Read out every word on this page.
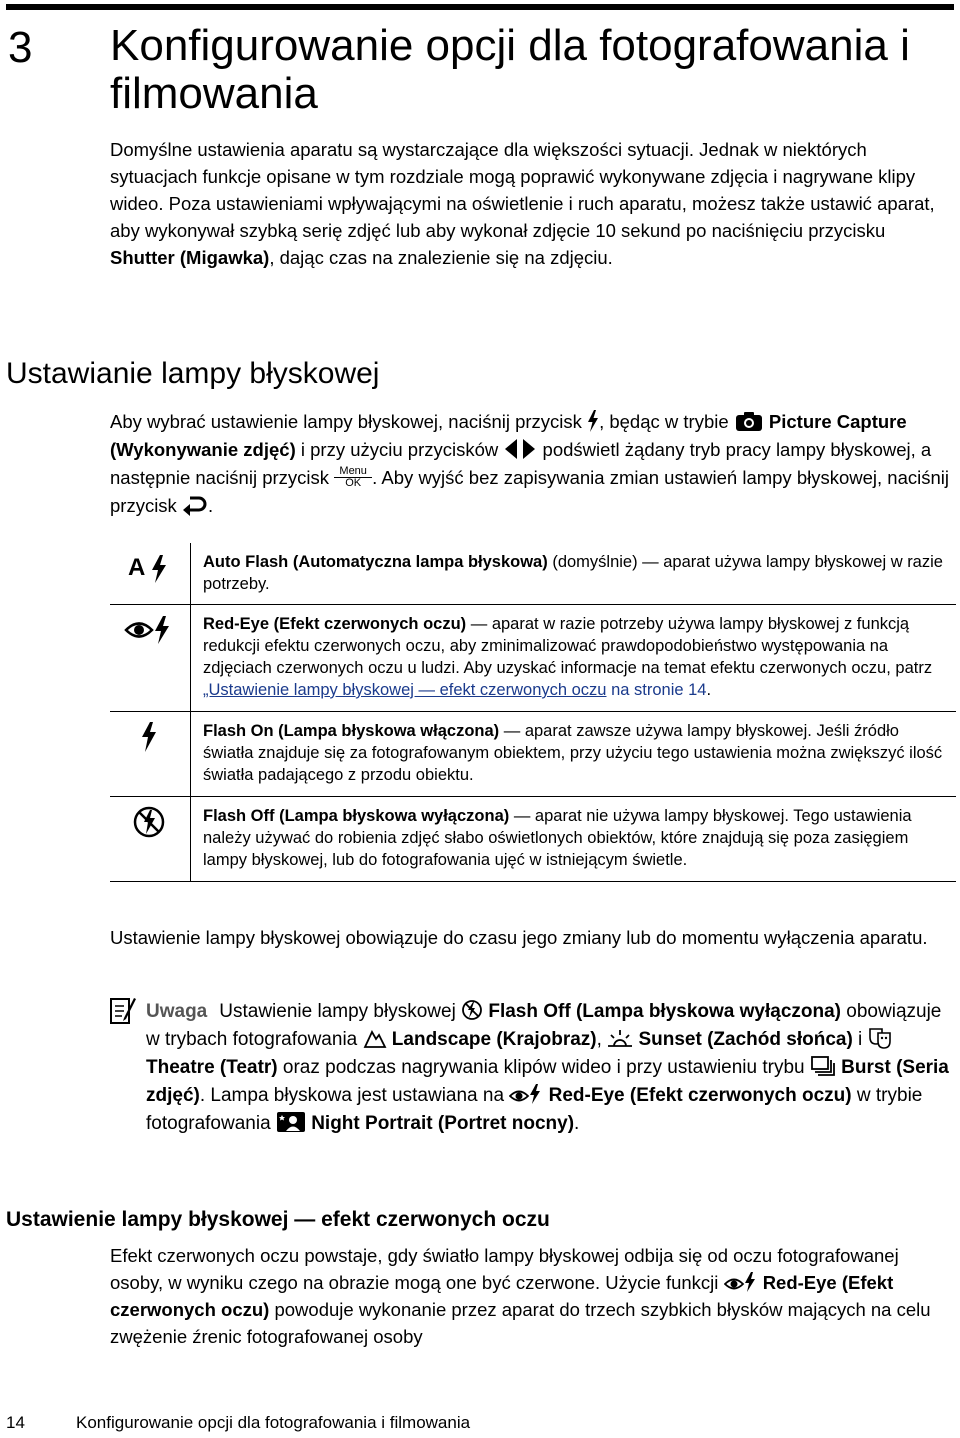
3 Konfigurowanie opcji dla fotografowania i filmowania

Domyślne ustawienia aparatu są wystarczające dla większości sytuacji. Jednak w niektórych sytuacjach funkcje opisane w tym rozdziale mogą poprawić wykonywane zdjęcia i nagrywane klipy wideo. Poza ustawieniami wpływającymi na oświetlenie i ruch aparatu, możesz także ustawić aparat, aby wykonywał szybką serię zdjęć lub aby wykonał zdjęcie 10 sekund po naciśnięciu przycisku Shutter (Migawka), dając czas na znalezienie się na zdjęciu.

Ustawianie lampy błyskowej

Aby wybrać ustawienie lampy błyskowej, naciśnij przycisk , będąc w trybie  Picture Capture (Wykonywanie zdjęć) i przy użyciu przycisków  podświetl żądany tryb pracy lampy błyskowej, a następnie naciśnij przycisk Menu
OK . Aby wyjść bez zapisywania zmian ustawień lampy błyskowej, naciśnij przycisk .

A	Auto Flash (Automatyczna lampa błyskowa) (domyślnie) — aparat używa lampy błyskowej w razie potrzeby.
Red-Eye (Efekt czerwonych oczu) — aparat w razie potrzeby używa lampy błyskowej z funkcją redukcji efektu czerwonych oczu, aby zminimalizować prawdopodobieństwo występowania na zdjęciach czerwonych oczu u ludzi. Aby uzyskać informacje na temat efektu czerwonych oczu, patrz „Ustawienie lampy błyskowej — efekt czerwonych oczu na stronie 14.
Flash On (Lampa błyskowa włączona) — aparat zawsze używa lampy błyskowej. Jeśli źródło światła znajduje się za fotografowanym obiektem, przy użyciu tego ustawienia można zwiększyć ilość światła padającego z przodu obiektu.
Flash Off (Lampa błyskowa wyłączona) — aparat nie używa lampy błyskowej. Tego ustawienia należy używać do robienia zdjęć słabo oświetlonych obiektów, które znajdują się poza zasięgiem lampy błyskowej, lub do fotografowania ujęć w istniejącym świetle.

Ustawienie lampy błyskowej obowiązuje do czasu jego zmiany lub do momentu wyłączenia aparatu.

Uwaga Ustawienie lampy błyskowej  Flash Off (Lampa błyskowa wyłączona) obowiązuje w trybach fotografowania  Landscape (Krajobraz),  Sunset (Zachód słońca) i  Theatre (Teatr) oraz podczas nagrywania klipów wideo i przy ustawieniu trybu  Burst (Seria zdjęć). Lampa błyskowa jest ustawiana na  Red-Eye (Efekt czerwonych oczu) w trybie fotografowania  Night Portrait (Portret nocny).

Ustawienie lampy błyskowej — efekt czerwonych oczu

Efekt czerwonych oczu powstaje, gdy światło lampy błyskowej odbija się od oczu fotografowanej osoby, w wyniku czego na obrazie mogą one być czerwone. Użycie funkcji  Red-Eye (Efekt czerwonych oczu) powoduje wykonanie przez aparat do trzech szybkich błysków mających na celu zwężenie źrenic fotografowanej osoby

14	Konfigurowanie opcji dla fotografowania i filmowania
